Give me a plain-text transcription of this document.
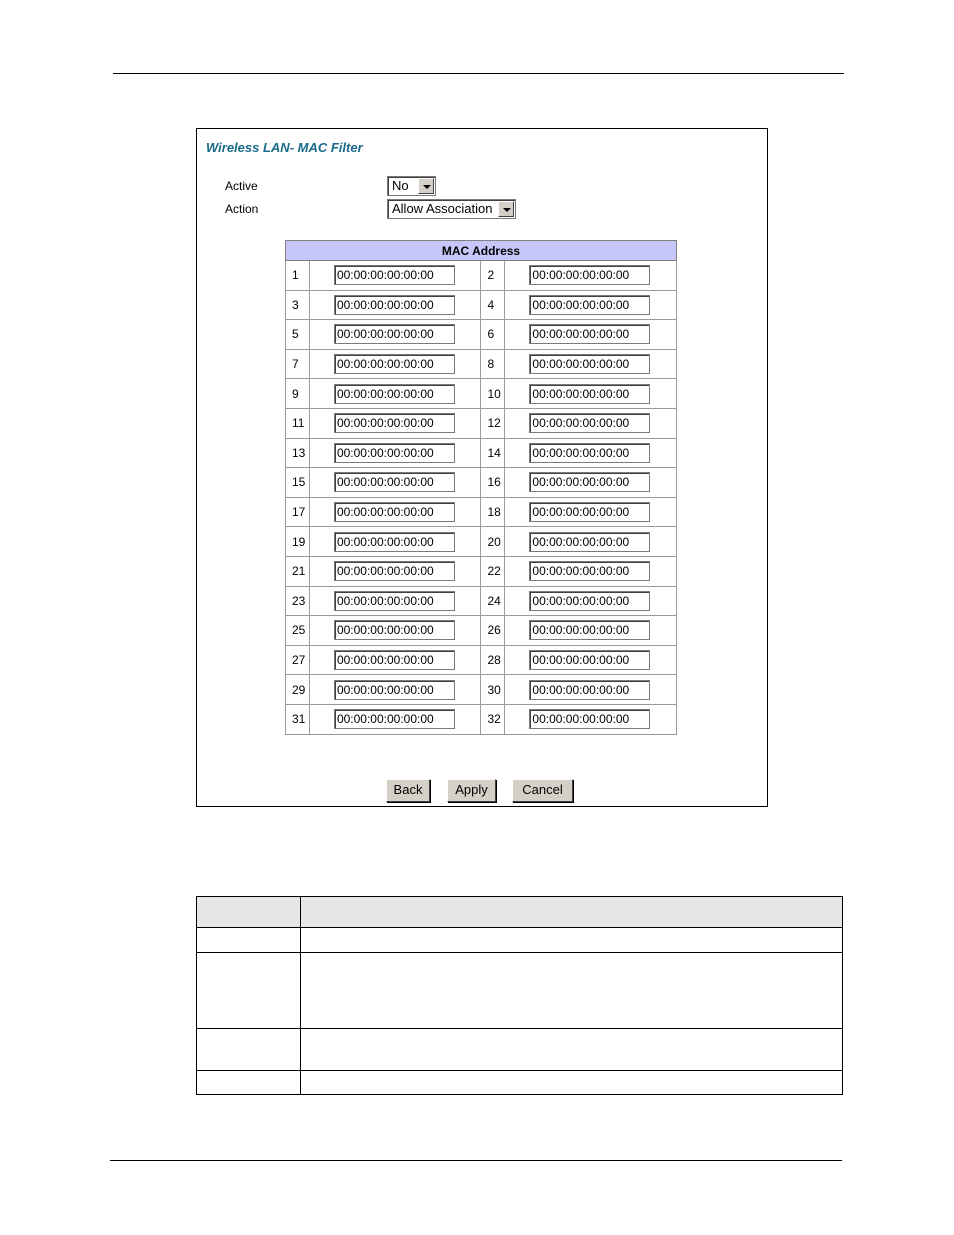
Wireless LAN- MAC Filter
Active	No
Action	Allow Association
MAC Address			
1	00:00:00:00:00:00	2	00:00:00:00:00:00

3	00:00:00:00:00:00	4	00:00:00:00:00:00

5	00:00:00:00:00:00	6	00:00:00:00:00:00

7	00:00:00:00:00:00	8	00:00:00:00:00:00

9	00:00:00:00:00:00	10	00:00:00:00:00:00

11	00:00:00:00:00:00	12	00:00:00:00:00:00

13	00:00:00:00:00:00	14	00:00:00:00:00:00

15	00:00:00:00:00:00	16	00:00:00:00:00:00

17	00:00:00:00:00:00	18	00:00:00:00:00:00

19	00:00:00:00:00:00	20	00:00:00:00:00:00

21	00:00:00:00:00:00	22	00:00:00:00:00:00

23	00:00:00:00:00:00	24	00:00:00:00:00:00

25	00:00:00:00:00:00	26	00:00:00:00:00:00

27	00:00:00:00:00:00	28	00:00:00:00:00:00

29	00:00:00:00:00:00	30	00:00:00:00:00:00

31	00:00:00:00:00:00	32	00:00:00:00:00:00
Back	Apply	Cancel
